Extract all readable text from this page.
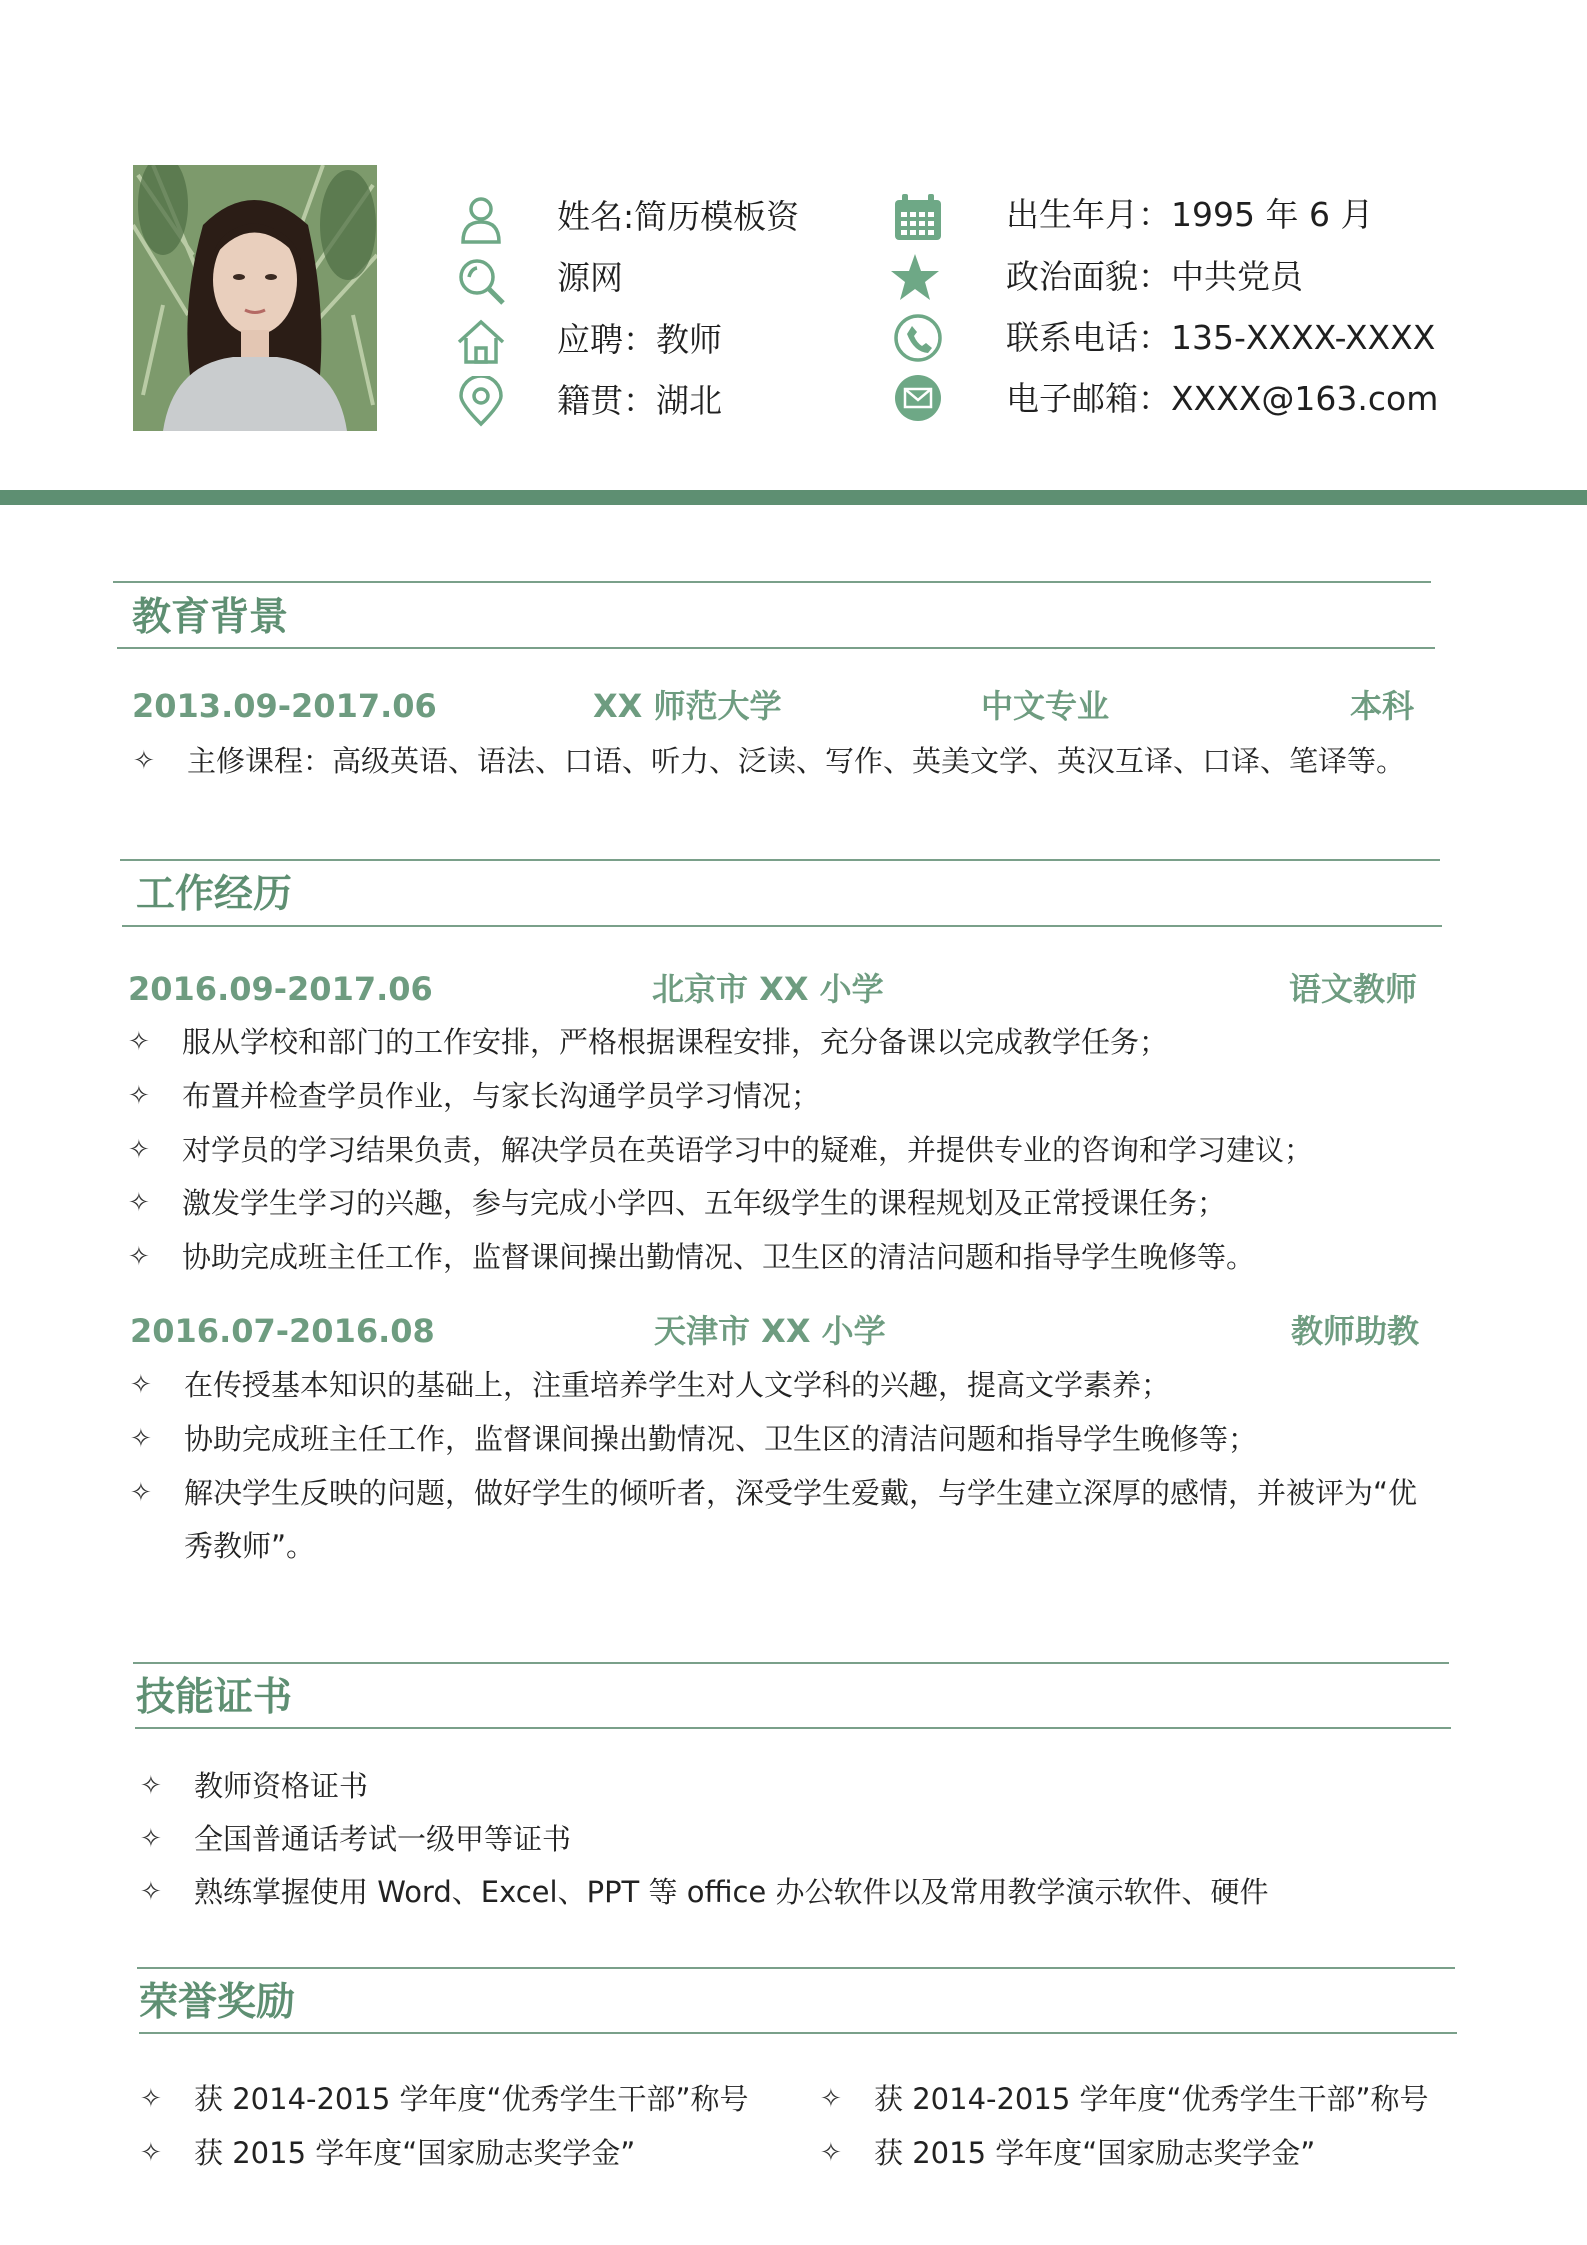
姓名:简历模板资
源网
应聘：教师
籍贯：湖北
出生年月：1995 年 6 月
政治面貌：中共党员
联系电话：135-XXXX-XXXX
电子邮箱：XXXX@163.com
教育背景
2013.09-2017.06	XX 师范大学	中文专业	本科
✧ 主修课程：高级英语、语法、口语、听力、泛读、写作、英美文学、英汉互译、口译、笔译等。
工作经历
2016.09-2017.06	北京市 XX 小学	语文教师
✧ 服从学校和部门的工作安排，严格根据课程安排，充分备课以完成教学任务；
✧ 布置并检查学员作业，与家长沟通学员学习情况；
✧ 对学员的学习结果负责，解决学员在英语学习中的疑难，并提供专业的咨询和学习建议；
✧ 激发学生学习的兴趣，参与完成小学四、五年级学生的课程规划及正常授课任务；
✧ 协助完成班主任工作，监督课间操出勤情况、卫生区的清洁问题和指导学生晚修等。
2016.07-2016.08	天津市 XX 小学	教师助教
✧ 在传授基本知识的基础上，注重培养学生对人文学科的兴趣，提高文学素养；
✧ 协助完成班主任工作，监督课间操出勤情况、卫生区的清洁问题和指导学生晚修等；
✧ 解决学生反映的问题，做好学生的倾听者，深受学生爱戴，与学生建立深厚的感情，并被评为“优
秀教师”。
技能证书
✧ 教师资格证书
✧ 全国普通话考试一级甲等证书
✧ 熟练掌握使用 Word、Excel、PPT 等 office 办公软件以及常用教学演示软件、硬件
荣誉奖励
✧ 获 2014-2015 学年度“优秀学生干部”称号	✧ 获 2014-2015 学年度“优秀学生干部”称号
✧ 获 2015 学年度“国家励志奖学金”	✧ 获 2015 学年度“国家励志奖学金”
